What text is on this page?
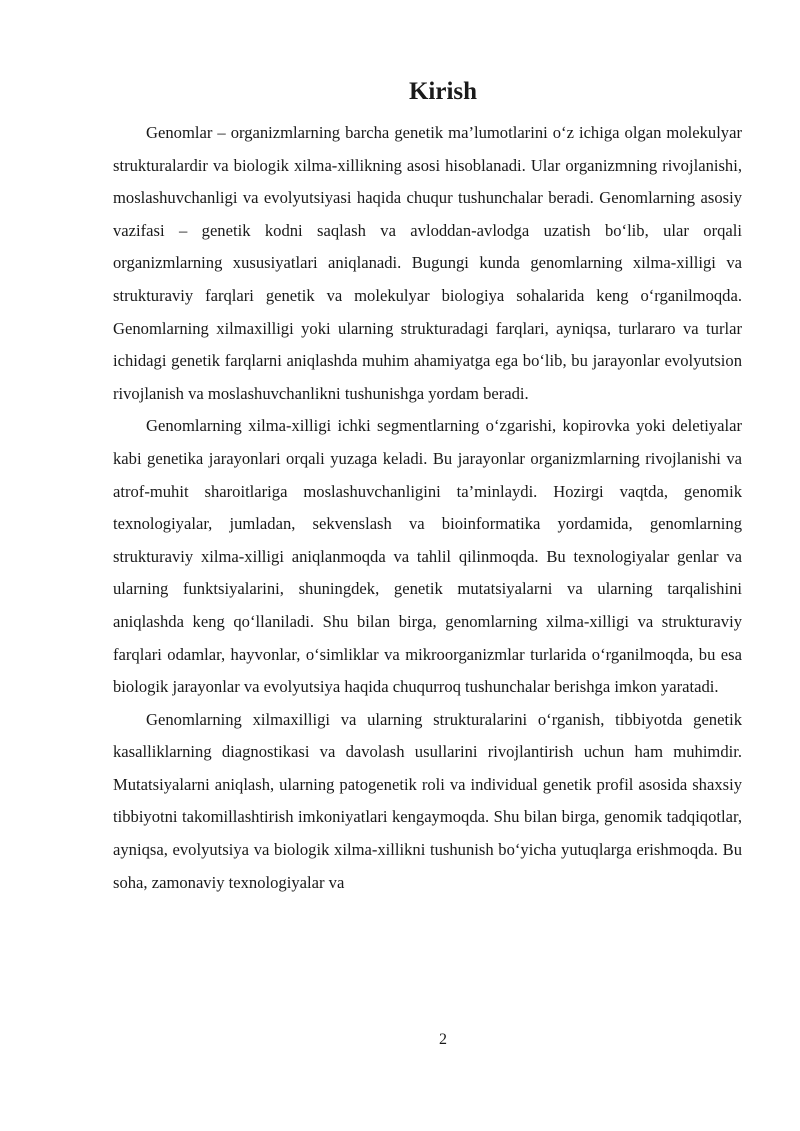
Kirish

Genomlar – organizmlarning barcha genetik ma’lumotlarini o‘z ichiga olgan molekulyar strukturalardir va biologik xilma-xillikning asosi hisoblanadi. Ular organizmning rivojlanishi, moslashuvchanligi va evolyutsiyasi haqida chuqur tushunchalar beradi. Genomlarning asosiy vazifasi – genetik kodni saqlash va avloddan-avlodga uzatish bo‘lib, ular orqali organizmlarning xususiyatlari aniqlanadi. Bugungi kunda genomlarning xilma-xilligi va strukturaviy farqlari genetik va molekulyar biologiya sohalarida keng o‘rganilmoqda. Genomlarning xilmaxilligi yoki ularning strukturadagi farqlari, ayniqsa, turlararo va turlar ichidagi genetik farqlarni aniqlashda muhim ahamiyatga ega bo‘lib, bu jarayonlar evolyutsion rivojlanish va moslashuvchanlikni tushunishga yordam beradi.

Genomlarning xilma-xilligi ichki segmentlarning o‘zgarishi, kopirovka yoki deletiyalar kabi genetika jarayonlari orqali yuzaga keladi. Bu jarayonlar organizmlarning rivojlanishi va atrof-muhit sharoitlariga moslashuvchanligini ta’minlaydi. Hozirgi vaqtda, genomik texnologiyalar, jumladan, sekvenslash va bioinformatika yordamida, genomlarning strukturaviy xilma-xilligi aniqlanmoqda va tahlil qilinmoqda. Bu texnologiyalar genlar va ularning funktsiyalarini, shuningdek, genetik mutatsiyalarni va ularning tarqalishini aniqlashda keng qo‘llaniladi. Shu bilan birga, genomlarning xilma-xilligi va strukturaviy farqlari odamlar, hayvonlar, o‘simliklar va mikroorganizmlar turlarida o‘rganilmoqda, bu esa biologik jarayonlar va evolyutsiya haqida chuqurroq tushunchalar berishga imkon yaratadi.

Genomlarning xilmaxilligi va ularning strukturalarini o‘rganish, tibbiyotda genetik kasalliklarning diagnostikasi va davolash usullarini rivojlantirish uchun ham muhimdir. Mutatsiyalarni aniqlash, ularning patogenetik roli va individual genetik profil asosida shaxsiy tibbiyotni takomillashtirish imkoniyatlari kengaymoqda. Shu bilan birga, genomik tadqiqotlar, ayniqsa, evolyutsiya va biologik xilma-xillikni tushunish bo‘yicha yutuqlarga erishmoqda. Bu soha, zamonaviy texnologiyalar va

2
